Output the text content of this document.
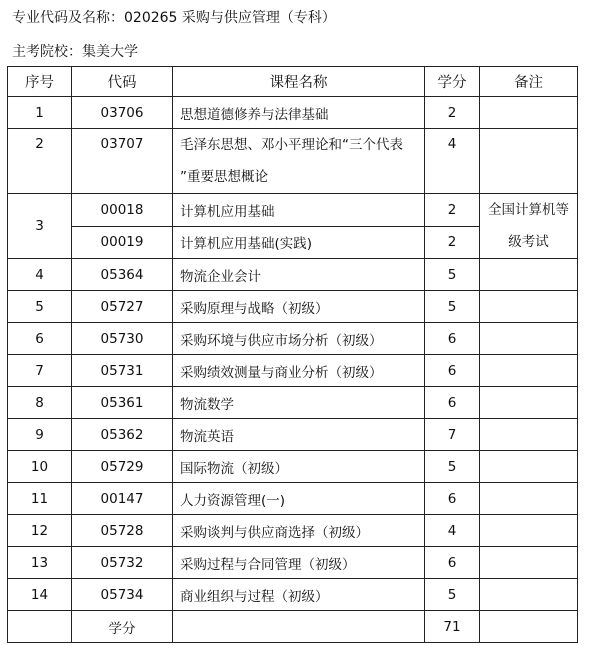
专业代码及名称：020265 采购与供应管理（专科）
主考院校：集美大学
序号	代码	课程名称	学分	备注
1	03706	思想道德修养与法律基础	2	
2	03707	毛泽东思想、邓小平理论和“三个代表 ”重要思想概论	4	
3	00018	计算机应用基础	2	全国计算机等级考试
	00019	计算机应用基础(实践)	2	
4	05364	物流企业会计	5	
5	05727	采购原理与战略（初级）	5	
6	05730	采购环境与供应市场分析（初级）	6	
7	05731	采购绩效测量与商业分析（初级）	6	
8	05361	物流数学	6	
9	05362	物流英语	7	
10	05729	国际物流（初级）	5	
11	00147	人力资源管理(一)	6	
12	05728	采购谈判与供应商选择（初级）	4	
13	05732	采购过程与合同管理（初级）	6	
14	05734	商业组织与过程（初级）	5	
	学分		71	
